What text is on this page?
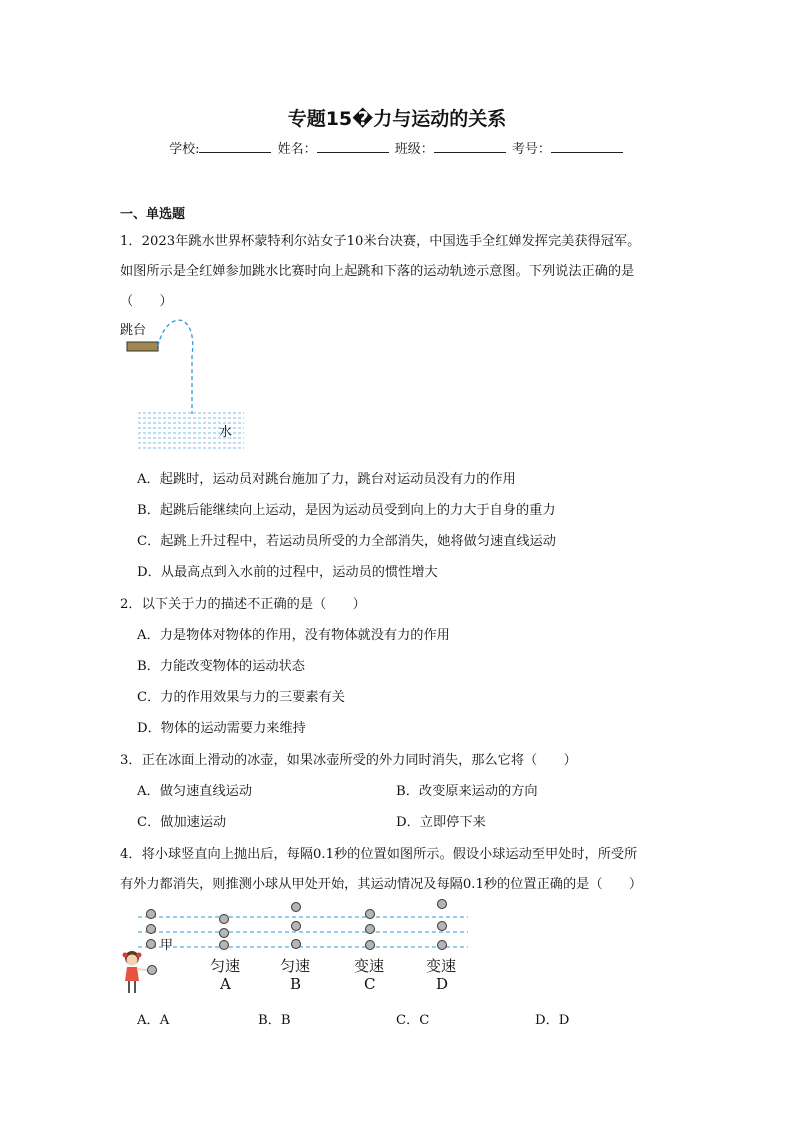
专题15�力与运动的关系
学校:	姓名：	班级：	考号：
一、单选题
1．2023年跳水世界杯蒙特利尔站女子10米台决赛，中国选手全红婵发挥完美获得冠军。
如图所示是全红婵参加跳水比赛时向上起跳和下落的运动轨迹示意图。下列说法正确的是
（　　）
跳台
水
A．起跳时，运动员对跳台施加了力，跳台对运动员没有力的作用
B．起跳后能继续向上运动，是因为运动员受到向上的力大于自身的重力
C．起跳上升过程中，若运动员所受的力全部消失，她将做匀速直线运动
D．从最高点到入水前的过程中，运动员的惯性增大
2．以下关于力的描述不正确的是（　　）
A．力是物体对物体的作用，没有物体就没有力的作用
B．力能改变物体的运动状态
C．力的作用效果与力的三要素有关
D．物体的运动需要力来维持
3．正在冰面上滑动的冰壶，如果冰壶所受的外力同时消失，那么它将（　　）
A．做匀速直线运动	B．改变原来运动的方向
C．做加速运动	D．立即停下来
4．将小球竖直向上抛出后，每隔0.1秒的位置如图所示。假设小球运动至甲处时，所受所
有外力都消失，则推测小球从甲处开始，其运动情况及每隔0.1秒的位置正确的是（　　）
甲
匀速
A
匀速
B
变速
C
变速
D
A．A	B．B	C．C	D．D
